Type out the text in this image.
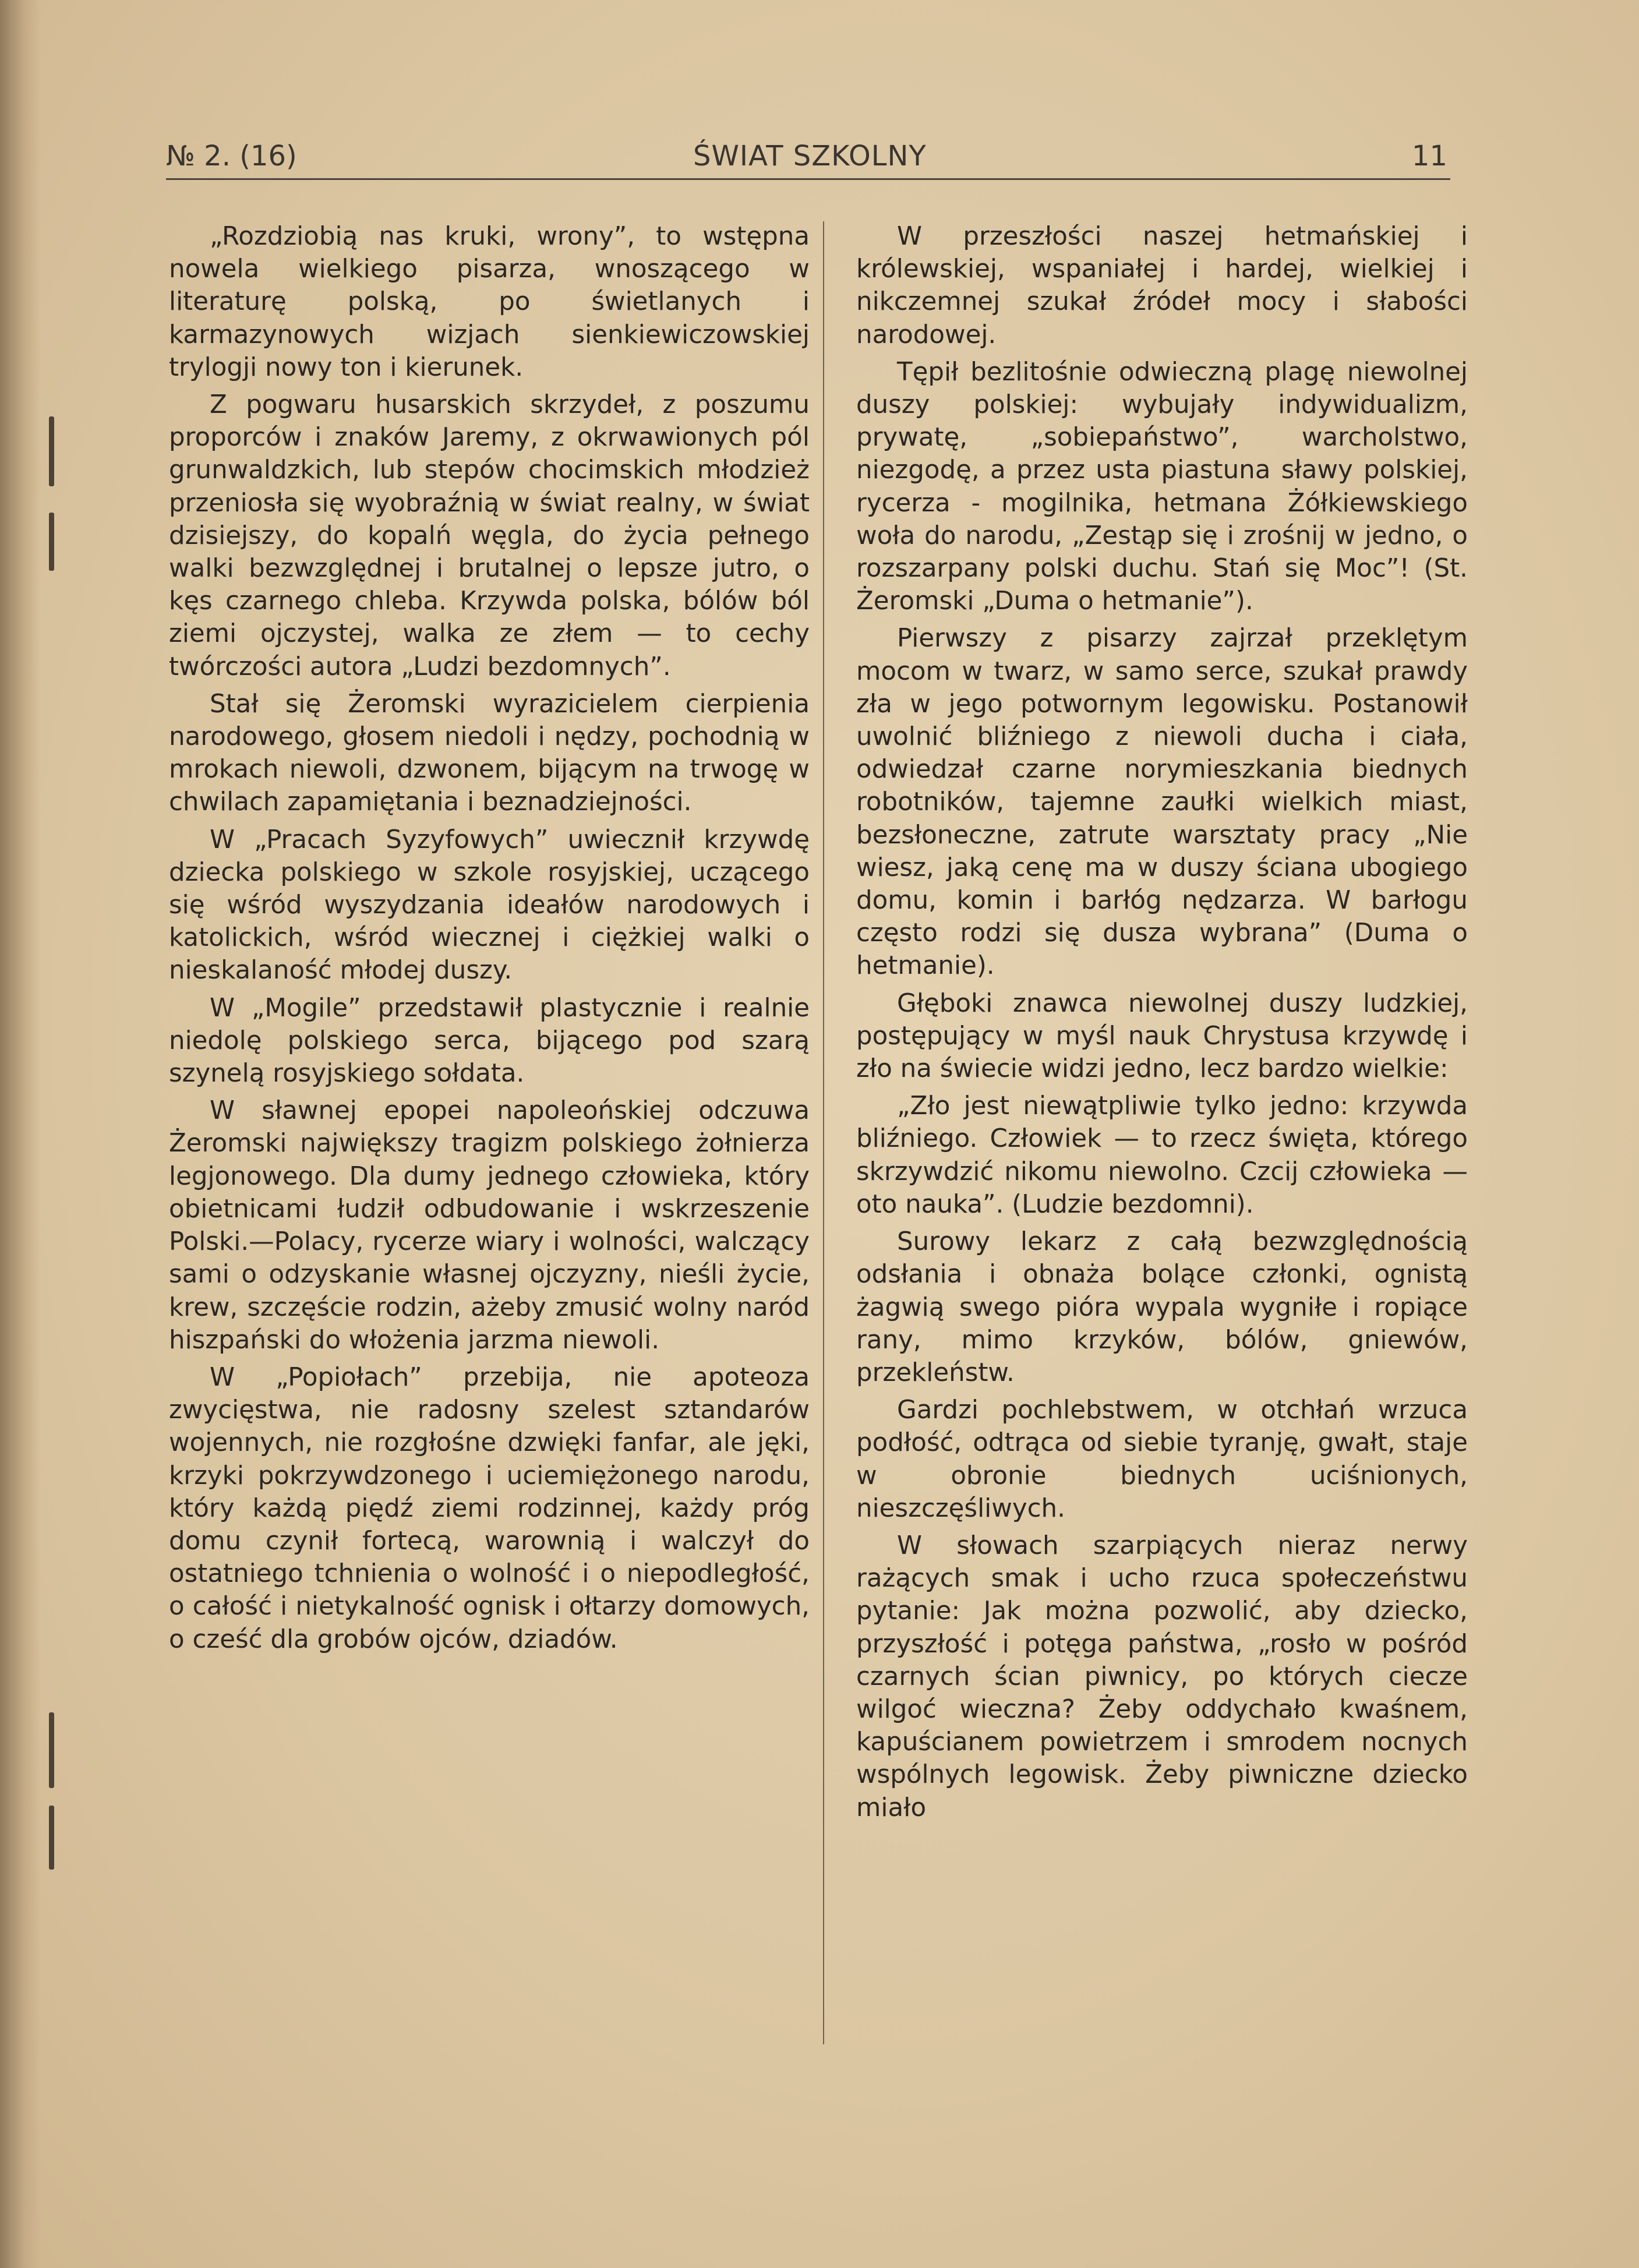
№ 2. (16)	ŚWIAT SZKOLNY	11

„Rozdziobią nas kruki, wrony”, to wstępna nowela wielkiego pisarza, wnoszącego w literaturę polską, po świetlanych i karmazynowych wizjach sienkiewiczowskiej trylogji nowy ton i kierunek.

Z pogwaru husarskich skrzydeł, z poszumu proporców i znaków Jaremy, z okrwawionych pól grunwaldzkich, lub stepów chocimskich młodzież przeniosła się wyobraźnią w świat realny, w świat dzisiejszy, do kopalń węgla, do życia pełnego walki bezwzględnej i brutalnej o lepsze jutro, o kęs czarnego chleba. Krzywda polska, bólów ból ziemi ojczystej, walka ze złem — to cechy twórczości autora „Ludzi bezdomnych”.

Stał się Żeromski wyrazicielem cierpienia narodowego, głosem niedoli i nędzy, pochodnią w mrokach niewoli, dzwonem, bijącym na trwogę w chwilach zapamiętania i beznadziejności.

W „Pracach Syzyfowych” uwiecznił krzywdę dziecka polskiego w szkole rosyjskiej, uczącego się wśród wyszydzania ideałów narodowych i katolickich, wśród wiecznej i ciężkiej walki o nieskalaność młodej duszy.

W „Mogile” przedstawił plastycznie i realnie niedolę polskiego serca, bijącego pod szarą szynelą rosyjskiego sołdata.

W sławnej epopei napoleońskiej odczuwa Żeromski największy tragizm polskiego żołnierza legjonowego. Dla dumy jednego człowieka, który obietnicami łudził odbudowanie i wskrzeszenie Polski.—Polacy, rycerze wiary i wolności, walczący sami o odzyskanie własnej ojczyzny, nieśli życie, krew, szczęście rodzin, ażeby zmusić wolny naród hiszpański do włożenia jarzma niewoli.

W „Popiołach” przebija, nie apoteoza zwycięstwa, nie radosny szelest sztandarów wojennych, nie rozgłośne dzwięki fanfar, ale jęki, krzyki pokrzywdzonego i uciemiężonego narodu, który każdą piędź ziemi rodzinnej, każdy próg domu czynił fortecą, warownią i walczył do ostatniego tchnienia o wolność i o niepodległość, o całość i nietykalność ognisk i ołtarzy domowych, o cześć dla grobów ojców, dziadów.

W przeszłości naszej hetmańskiej i królewskiej, wspaniałej i hardej, wielkiej i nikczemnej szukał źródeł mocy i słabości narodowej.

Tępił bezlitośnie odwieczną plagę niewolnej duszy polskiej: wybujały indywidualizm, prywatę, „sobiepaństwo”, warcholstwo, niezgodę, a przez usta piastuna sławy polskiej, rycerza - mogilnika, hetmana Żółkiewskiego woła do narodu, „Zestąp się i zrośnij w jedno, o rozszarpany polski duchu. Stań się Moc”! (St. Żeromski „Duma o hetmanie”).

Pierwszy z pisarzy zajrzał przeklętym mocom w twarz, w samo serce, szukał prawdy zła w jego potwornym legowisku. Postanowił uwolnić bliźniego z niewoli ducha i ciała, odwiedzał czarne norymieszkania biednych robotników, tajemne zaułki wielkich miast, bezsłoneczne, zatrute warsztaty pracy „Nie wiesz, jaką cenę ma w duszy ściana ubogiego domu, komin i barłóg nędzarza. W barłogu często rodzi się dusza wybrana” (Duma o hetmanie).

Głęboki znawca niewolnej duszy ludzkiej, postępujący w myśl nauk Chrystusa krzywdę i zło na świecie widzi jedno, lecz bardzo wielkie:

„Zło jest niewątpliwie tylko jedno: krzywda bliźniego. Człowiek — to rzecz święta, którego skrzywdzić nikomu niewolno. Czcij człowieka — oto nauka”. (Ludzie bezdomni).

Surowy lekarz z całą bezwzględnością odsłania i obnaża bolące członki, ognistą żagwią swego pióra wypala wygniłe i ropiące rany, mimo krzyków, bólów, gniewów, przekleństw.

Gardzi pochlebstwem, w otchłań wrzuca podłość, odtrąca od siebie tyranję, gwałt, staje w obronie biednych uciśnionych, nieszczęśliwych.

W słowach szarpiących nieraz nerwy rażących smak i ucho rzuca społeczeństwu pytanie: Jak można pozwolić, aby dziecko, przyszłość i potęga państwa, „rosło w pośród czarnych ścian piwnicy, po których ciecze wilgoć wieczna? Żeby oddychało kwaśnem, kapuścianem powietrzem i smrodem nocnych wspólnych legowisk. Żeby piwniczne dziecko miało
